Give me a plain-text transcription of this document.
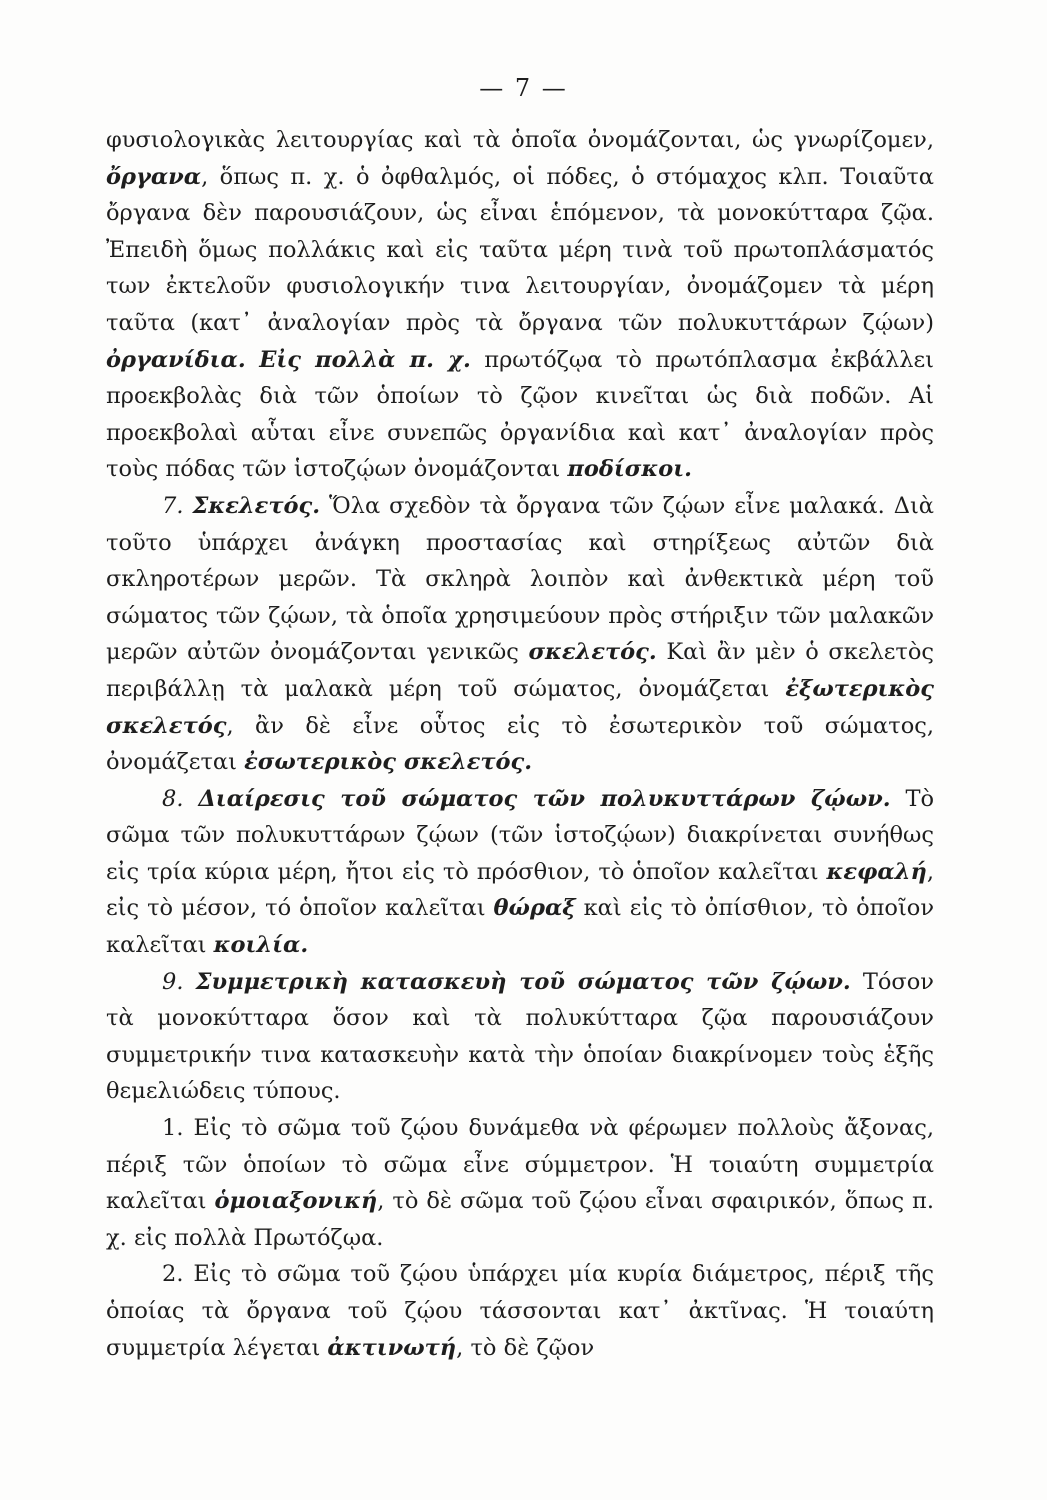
— 7 —

φυσιολογικὰς λειτουργίας καὶ τὰ ὁποῖα ὀνομάζονται, ὡς γνωρίζομεν, ὄργανα, ὅπως π. χ. ὁ ὀφθαλμός, οἱ πόδες, ὁ στόμαχος κλπ. Τοιαῦτα ὄργανα δὲν παρουσιάζουν, ὡς εἶναι ἑπόμενον, τὰ μονοκύτταρα ζῷα. Ἐπειδὴ ὅμως πολλάκις καὶ εἰς ταῦτα μέρη τινὰ τοῦ πρωτοπλάσματός των ἐκτελοῦν φυσιολογικήν τινα λειτουργίαν, ὀνομάζομεν τὰ μέρη ταῦτα (κατ᾽ ἀναλογίαν πρὸς τὰ ὄργανα τῶν πολυκυττάρων ζῴων) ὀργανίδια. Εἰς πολλὰ π. χ. πρωτόζῳα τὸ πρωτόπλασμα ἐκβάλλει προεκβολὰς διὰ τῶν ὁποίων τὸ ζῷον κινεῖται ὡς διὰ ποδῶν. Αἱ προεκβολαὶ αὗται εἶνε συνεπῶς ὀργανίδια καὶ κατ᾽ ἀναλογίαν πρὸς τοὺς πόδας τῶν ἱστοζῴων ὀνομάζονται ποδίσκοι.

7. Σκελετός. Ὅλα σχεδὸν τὰ ὄργανα τῶν ζῴων εἶνε μαλακά. Διὰ τοῦτο ὑπάρχει ἀνάγκη προστασίας καὶ στηρίξεως αὐτῶν διὰ σκληροτέρων μερῶν. Τὰ σκληρὰ λοιπὸν καὶ ἀνθεκτικὰ μέρη τοῦ σώματος τῶν ζῴων, τὰ ὁποῖα χρησιμεύουν πρὸς στήριξιν τῶν μαλακῶν μερῶν αὐτῶν ὀνομάζονται γενικῶς σκελετός. Καὶ ἂν μὲν ὁ σκελετὸς περιβάλλῃ τὰ μαλακὰ μέρη τοῦ σώματος, ὀνομάζεται ἐξωτερικὸς σκελετός, ἂν δὲ εἶνε οὗτος εἰς τὸ ἐσωτερικὸν τοῦ σώματος, ὀνομάζεται ἐσωτερικὸς σκελετός.

8. Διαίρεσις τοῦ σώματος τῶν πολυκυττάρων ζῴων. Τὸ σῶμα τῶν πολυκυττάρων ζῴων (τῶν ἱστοζῴων) διακρίνεται συνήθως εἰς τρία κύρια μέρη, ἤτοι εἰς τὸ πρόσθιον, τὸ ὁποῖον καλεῖται κεφαλή, εἰς τὸ μέσον, τό ὁποῖον καλεῖται θώραξ καὶ εἰς τὸ ὀπίσθιον, τὸ ὁποῖον καλεῖται κοιλία.

9. Συμμετρικὴ κατασκευὴ τοῦ σώματος τῶν ζῴων. Τόσον τὰ μονοκύτταρα ὅσον καὶ τὰ πολυκύτταρα ζῷα παρουσιάζουν συμμετρικήν τινα κατασκευὴν κατὰ τὴν ὁποίαν διακρίνομεν τοὺς ἑξῆς θεμελιώδεις τύπους.

1. Εἰς τὸ σῶμα τοῦ ζῴου δυνάμεθα νὰ φέρωμεν πολλοὺς ἄξονας, πέριξ τῶν ὁποίων τὸ σῶμα εἶνε σύμμετρον. Ἡ τοιαύτη συμμετρία καλεῖται ὁμοιαξονική, τὸ δὲ σῶμα τοῦ ζῴου εἶναι σφαιρικόν, ὅπως π. χ. εἰς πολλὰ Πρωτόζῳα.

2. Εἰς τὸ σῶμα τοῦ ζῴου ὑπάρχει μία κυρία διάμετρος, πέριξ τῆς ὁποίας τὰ ὄργανα τοῦ ζῴου τάσσονται κατ᾽ ἀκτῖνας. Ἡ τοιαύτη συμμετρία λέγεται ἀκτινωτή, τὸ δὲ ζῷον
